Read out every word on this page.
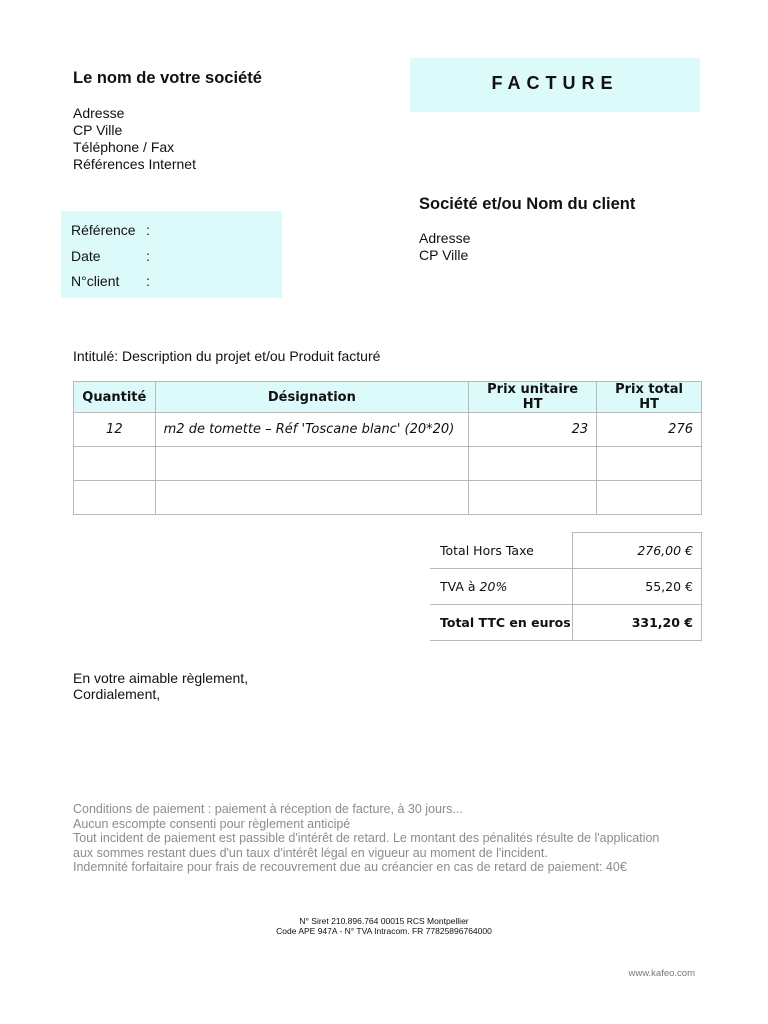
Le nom de votre société
Adresse
CP Ville
Téléphone / Fax
Références Internet
FACTURE
Référence :
Date	:
N°client :
Société et/ou Nom du client
Adresse
CP Ville
Intitulé: Description du projet et/ou Produit facturé
Quantité	Désignation	Prix unitaire HT	Prix total HT
12	m2 de tomette – Réf 'Toscane blanc' (20*20)	23	276

Total Hors Taxe	276,00 €
TVA à 20%	55,20 €
Total TTC en euros	331,20 €
En votre aimable règlement,
Cordialement,
Conditions de paiement : paiement à réception de facture, à 30 jours...
Aucun escompte consenti pour règlement anticipé
Tout incident de paiement est passible d'intérêt de retard. Le montant des pénalités résulte de l'application
aux sommes restant dues d'un taux d'intérêt légal en vigueur au moment de l'incident.
Indemnité forfaitaire pour frais de recouvrement due au créancier en cas de retard de paiement: 40€
N° Siret 210.896.764 00015 RCS Montpellier
Code APE 947A - N° TVA Intracom. FR 77825896764000
www.kafeo.com
